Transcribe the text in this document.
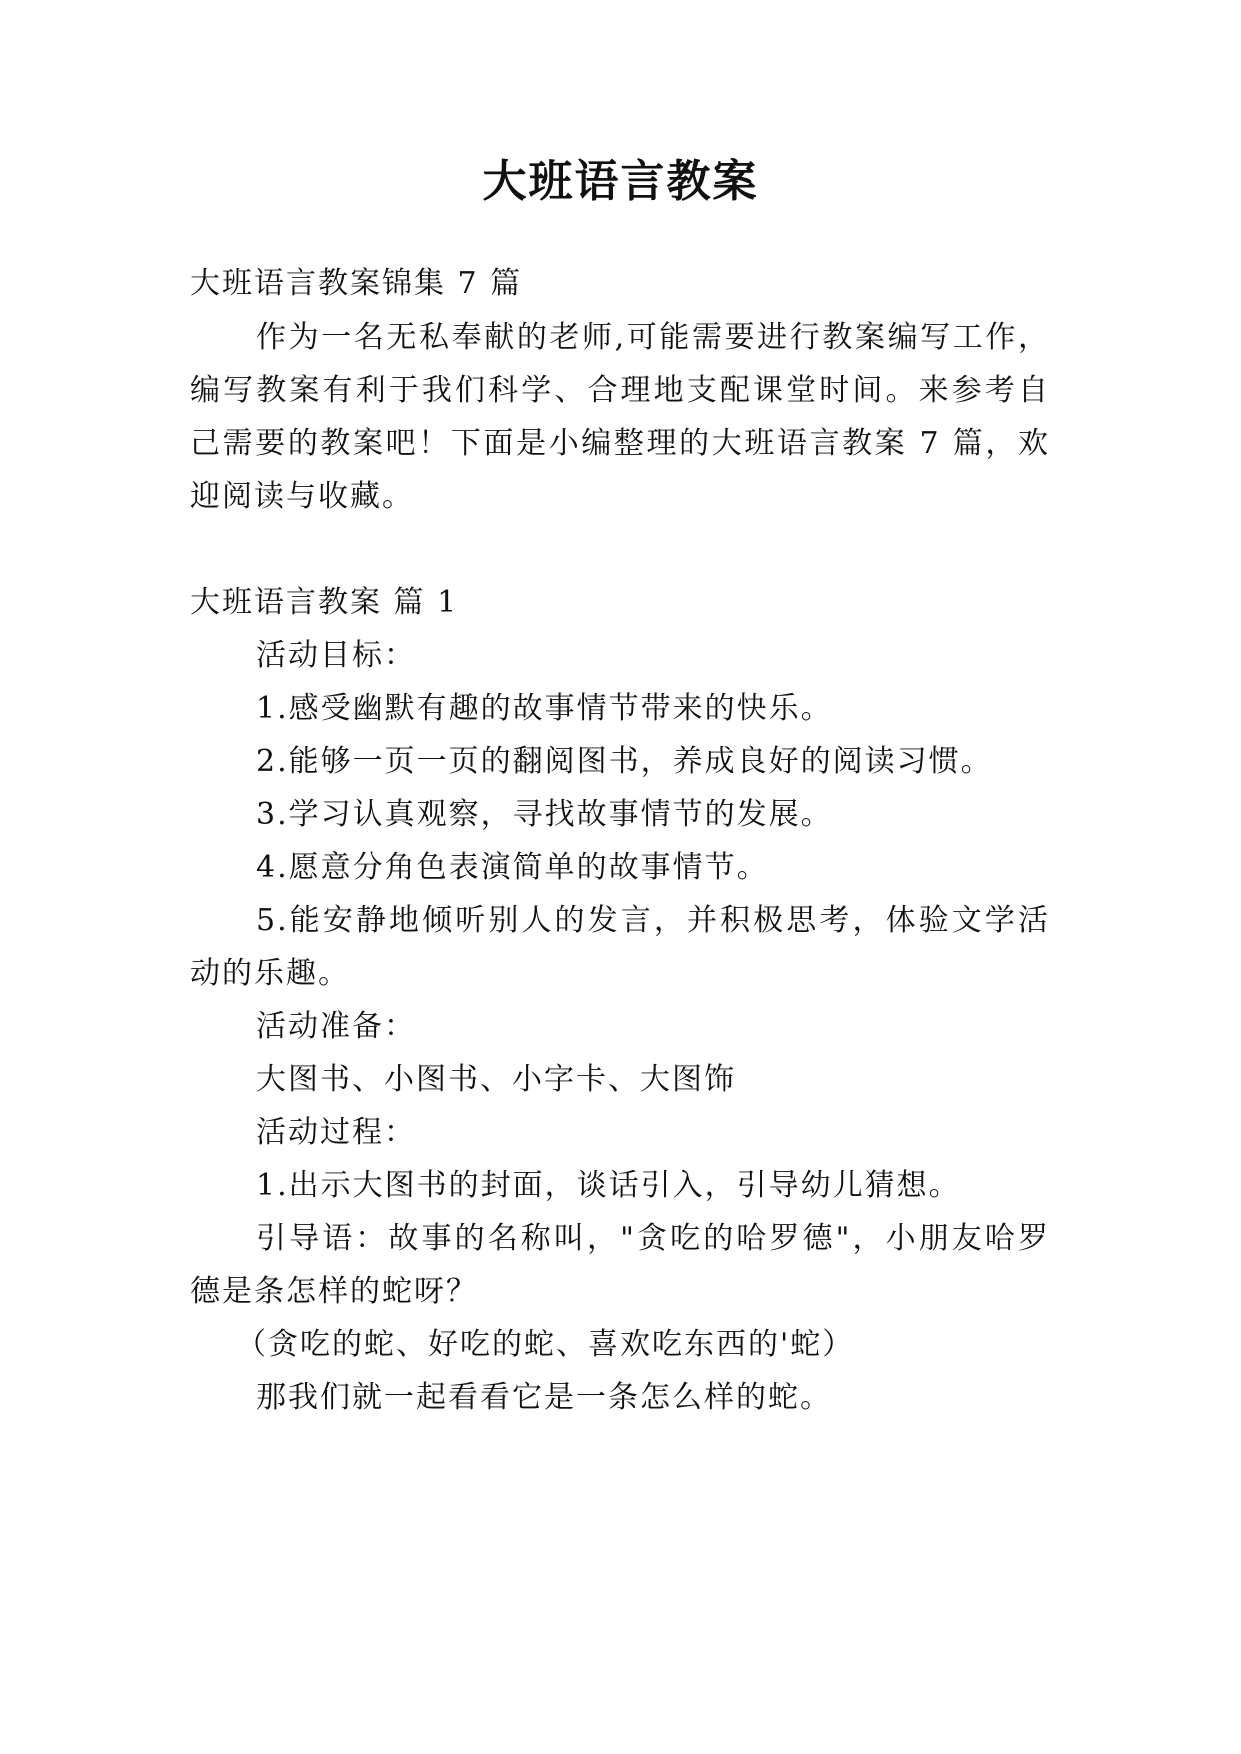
大班语言教案
大班语言教案锦集 7 篇
作为一名无私奉献的老师,可能需要进行教案编写工作，
编写教案有利于我们科学、合理地支配课堂时间。来参考自
己需要的教案吧！下面是小编整理的大班语言教案 7 篇，欢
迎阅读与收藏。
大班语言教案 篇 1
活动目标：
1.感受幽默有趣的故事情节带来的快乐。
2.能够一页一页的翻阅图书，养成良好的阅读习惯。
3.学习认真观察，寻找故事情节的发展。
4.愿意分角色表演简单的故事情节。
5.能安静地倾听别人的发言，并积极思考，体验文学活
动的乐趣。
活动准备：
大图书、小图书、小字卡、大图饰
活动过程：
1.出示大图书的封面，谈话引入，引导幼儿猜想。
引导语：故事的名称叫，"贪吃的哈罗德"，小朋友哈罗
德是条怎样的蛇呀？
（贪吃的蛇、好吃的蛇、喜欢吃东西的'蛇）
那我们就一起看看它是一条怎么样的蛇。
